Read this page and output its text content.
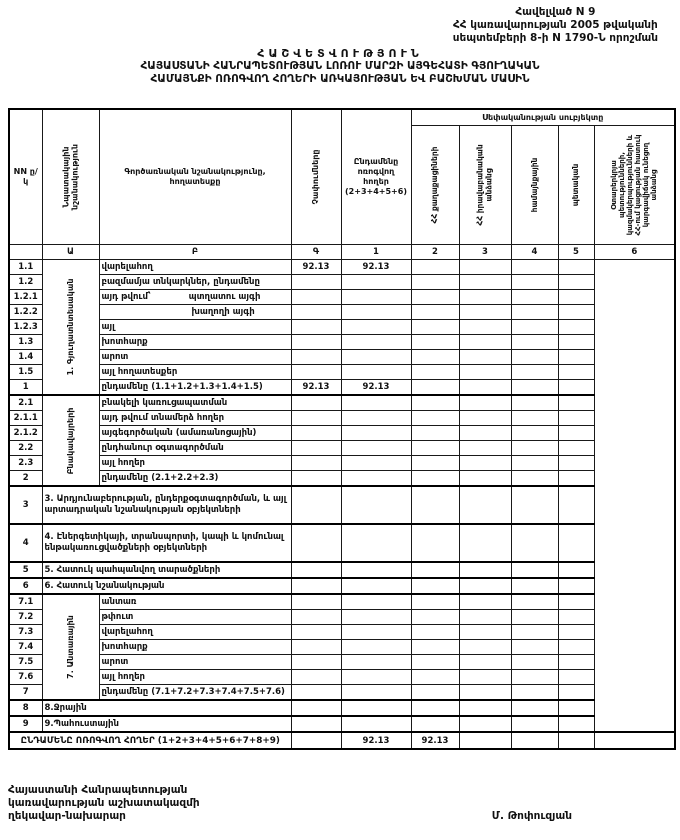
Հավելված N 9
ՀՀ կառավարության 2005 թվականի
սեպտեմբերի 8-ի N 1790-Ն որոշման
ՀԱՇՎԵՏՎՈՒԹՅՈՒՆ
ՀԱՅԱՍՏԱՆԻ ՀԱՆՐԱՊԵՏՈՒԹՅԱՆ ԼՈՌՈՒ ՄԱՐԶԻ ԱՅԳԵՀԱՏԻ ԳՅՈՒՂԱԿԱՆ
ՀԱՄԱՅՆՔԻ ՈՌՈԳՎՈՂ ՀՈՂԵՐԻ ԱՌԿԱՅՈՒԹՅԱՆ ԵՎ ԲԱՇԽՄԱՆ ՄԱՍԻՆ
NN ը/կ	Նպատակային նշանակություն	Գործառնական նշանակությունը, հողատեսքը	Չափումները	Ընդամենը ոռոգվող հողեր (2+3+4+5+6)	Սեփականության սուբյեկտը				

					ՀՀ քաղաքացիների	ՀՀ իրավաբանական անձանց	համայնքային	պետական	Օտարերկրյա պետությունների, կազմակերպությունների և ՀՀ-ում կացության հատուկ կարգավիճակ ունեցող անձանց

	Ա	Բ	Գ	1	2	3	4	5	6
1.1	1. Գյուղատնտեսական	վարելահող	92.13	92.13					
1.2		բազմամյա տնկարկներ, ընդամենը							
1.2.1		այդ թվում՝ պտղատու այգի							
1.2.2		խաղողի այգի							
1.2.3		այլ							
1.3		խոտհարք							
1.4		արոտ							
1.5		այլ հողատեսքեր							
1		ընդամենը (1.1+1.2+1.3+1.4+1.5)	92.13	92.13					
2.1	Բնակավայրերի	բնակելի կառուցապատման							
2.1.1		այդ թվում տնամերձ հողեր							
2.1.2		այգեգործական (ամառանոցային)							
2.2		ընդհանուր օգտագործման							
2.3		այլ հողեր							
2		ընդամենը (2.1+2.2+2.3)							
3	3. Արդյունաբերության, ընդերքօգտագործման, և այլ արտադրական նշանակության օբյեկտների								
4	4. Էներգետիկայի, տրանսպորտի, կապի և կոմունալ ենթակառուցվածքների օբյեկտների								
5	5. Հատուկ պահպանվող տարածքների								
6	6. Հատուկ նշանակության								
7.1	7. Անտառային	անտառ							
7.2		թփուտ							
7.3		վարելահող							
7.4		խոտհարք							
7.5		արոտ							
7.6		այլ հողեր							
7		ընդամենը (7.1+7.2+7.3+7.4+7.5+7.6)							
8	8.Ջրային								
9	9.Պահուստային								
ԸՆԴԱՄԵՆԸ ՈՌՈԳՎՈՂ ՀՈՂԵՐ (1+2+3+4+5+6+7+8+9)				92.13	92.13				
Հայաստանի Հանրապետության
կառավարության աշխատակազմի
ղեկավար-նախարար	Մ. Թոփուզյան
